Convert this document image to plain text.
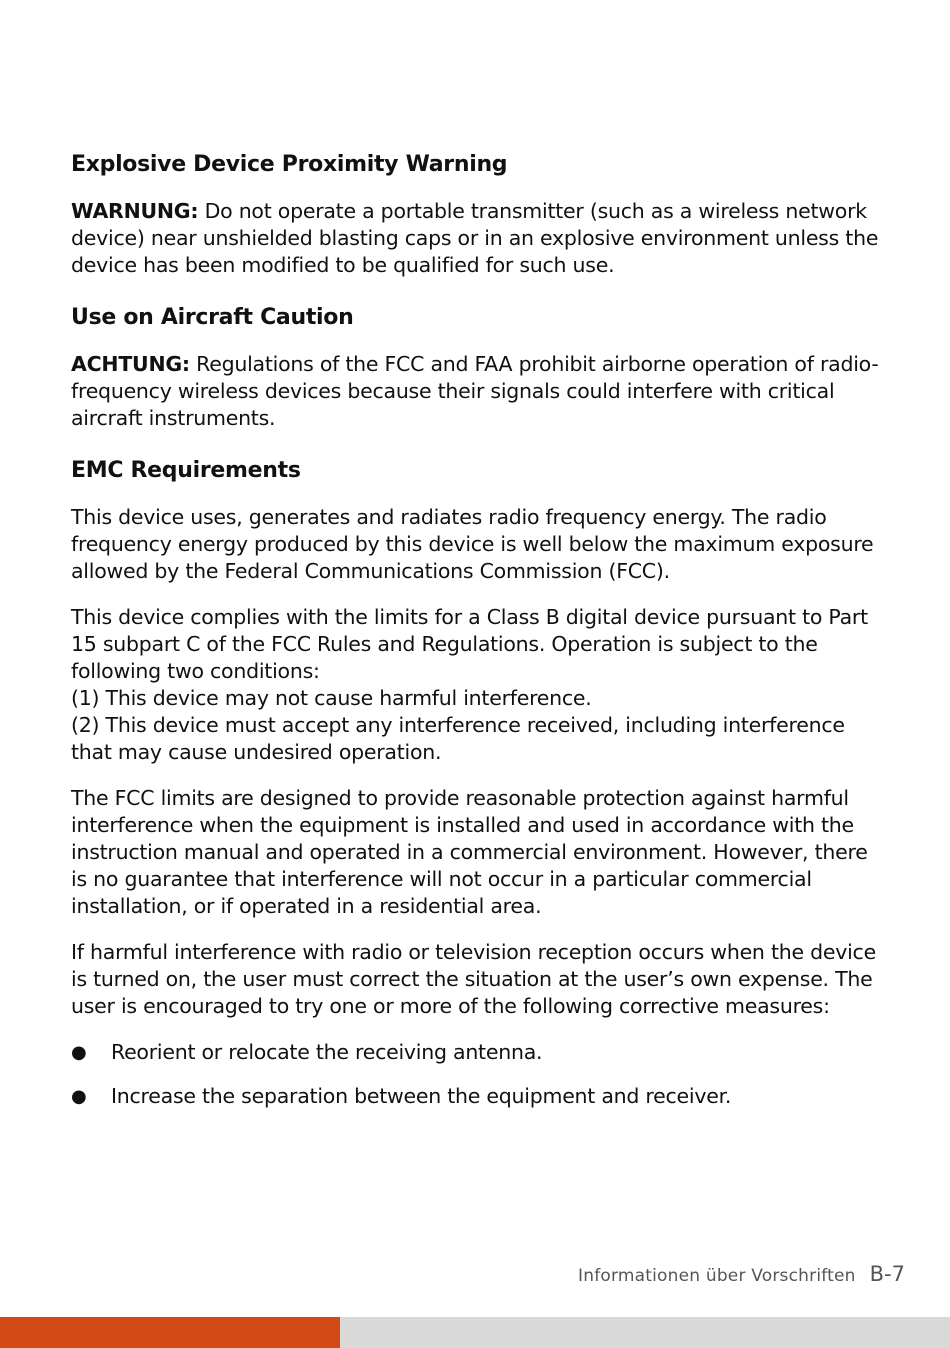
Explosive Device Proximity Warning

WARNUNG: Do not operate a portable transmitter (such as a wireless network device) near unshielded blasting caps or in an explosive environment unless the device has been modified to be qualified for such use.

Use on Aircraft Caution

ACHTUNG: Regulations of the FCC and FAA prohibit airborne operation of radio-frequency wireless devices because their signals could interfere with critical aircraft instruments.

EMC Requirements

This device uses, generates and radiates radio frequency energy. The radio frequency energy produced by this device is well below the maximum exposure allowed by the Federal Communications Commission (FCC).

This device complies with the limits for a Class B digital device pursuant to Part 15 subpart C of the FCC Rules and Regulations. Operation is subject to the following two conditions:
(1) This device may not cause harmful interference.
(2) This device must accept any interference received, including interference that may cause undesired operation.

The FCC limits are designed to provide reasonable protection against harmful interference when the equipment is installed and used in accordance with the instruction manual and operated in a commercial environment. However, there is no guarantee that interference will not occur in a particular commercial installation, or if operated in a residential area.

If harmful interference with radio or television reception occurs when the device is turned on, the user must correct the situation at the user’s own expense. The user is encouraged to try one or more of the following corrective measures:

● Reorient or relocate the receiving antenna.
● Increase the separation between the equipment and receiver.
Informationen über Vorschriften B-7
